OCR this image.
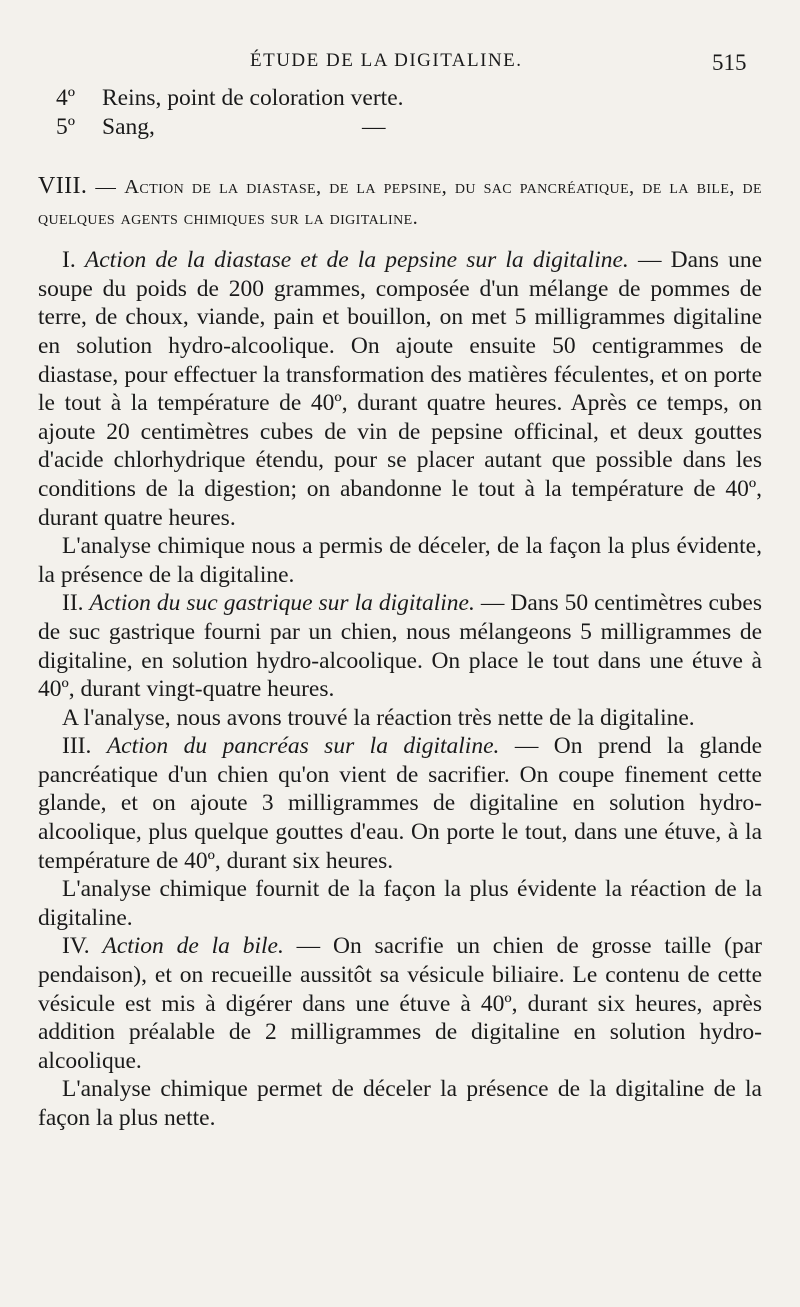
ÉTUDE DE LA DIGITALINE.	515
4º	Reins, point de coloration verte.
5º	Sang,	—
VIII. — Action de la diastase, de la pepsine, du sac pancréatique, de la bile, de quelques agents chimiques sur la digitaline.

I. Action de la diastase et de la pepsine sur la digitaline. — Dans une soupe du poids de 200 grammes, composée d'un mélange de pommes de terre, de choux, viande, pain et bouillon, on met 5 milligrammes digitaline en solution hydro-alcoolique. On ajoute ensuite 50 centigrammes de diastase, pour effectuer la transformation des matières féculentes, et on porte le tout à la température de 40º, durant quatre heures. Après ce temps, on ajoute 20 centimètres cubes de vin de pepsine officinal, et deux gouttes d'acide chlorhydrique étendu, pour se placer autant que possible dans les conditions de la digestion; on abandonne le tout à la température de 40º, durant quatre heures.

L'analyse chimique nous a permis de déceler, de la façon la plus évidente, la présence de la digitaline.

II. Action du suc gastrique sur la digitaline. — Dans 50 centimètres cubes de suc gastrique fourni par un chien, nous mélangeons 5 milligrammes de digitaline, en solution hydro-alcoolique. On place le tout dans une étuve à 40º, durant vingt-quatre heures.

A l'analyse, nous avons trouvé la réaction très nette de la digitaline.

III. Action du pancréas sur la digitaline. — On prend la glande pancréatique d'un chien qu'on vient de sacrifier. On coupe finement cette glande, et on ajoute 3 milligrammes de digitaline en solution hydro-alcoolique, plus quelque gouttes d'eau. On porte le tout, dans une étuve, à la température de 40º, durant six heures.

L'analyse chimique fournit de la façon la plus évidente la réaction de la digitaline.

IV. Action de la bile. — On sacrifie un chien de grosse taille (par pendaison), et on recueille aussitôt sa vésicule biliaire. Le contenu de cette vésicule est mis à digérer dans une étuve à 40º, durant six heures, après addition préalable de 2 milligrammes de digitaline en solution hydro-alcoolique.

L'analyse chimique permet de déceler la présence de la digitaline de la façon la plus nette.
